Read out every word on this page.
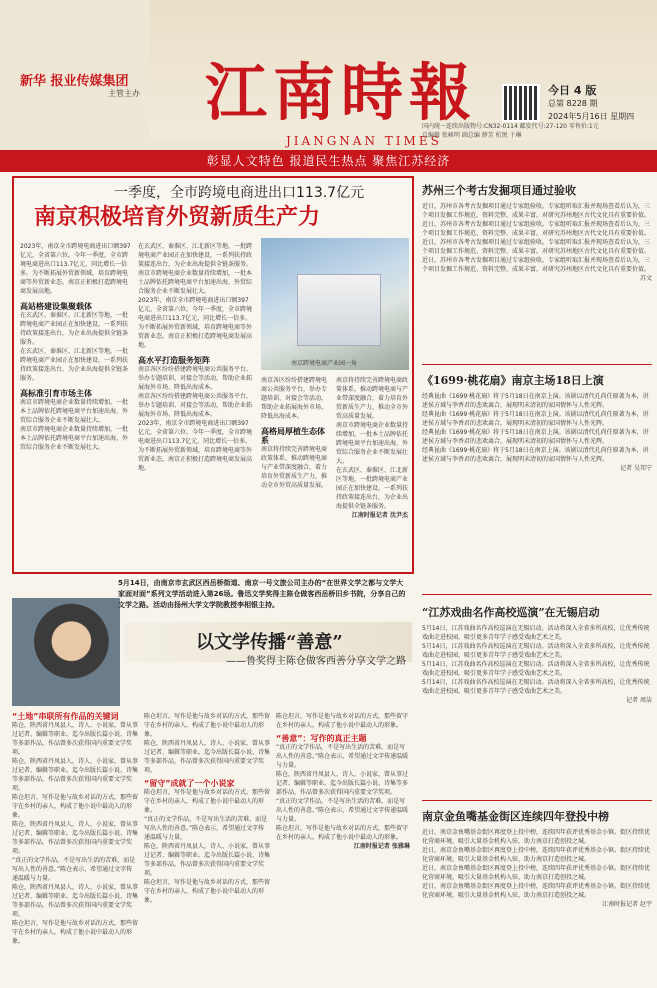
新华 报业传媒集团
主管主办 江南時報
JIANGNAN TIMES
今日 4 版
总第 8228 期
2024年5月16日 星期四
国内统一连续出版物号:CN32-0114 邮发代号:27-120 零售价:1元
总编辑 张峰明 副总编 薛芳 杭悦 于琳
彰显人文特色 报道民生热点 聚焦江苏经济
一季度，全市跨境电商进出口113.7亿元
南京积极培育外贸新质生产力
2023年，南京全市跨境电商进出口额397亿元，全省第六位。今年一季度，全市跨境电商进出口113.7亿元，同比增长一倍多。为不断拓展外贸新领域，培育跨境电商等外贸新业态，南京正积极打造跨境电商发展高地。
高站格建设集聚载体
在玄武区、秦淮区、江北新区等地，一批跨境电商产业园正在加快建设，一系列扶持政策接连出台，为企业出海提供全链条服务。
在玄武区、秦淮区、江北新区等地，一批跨境电商产业园正在加快建设，一系列扶持政策接连出台，为企业出海提供全链条服务。
高标准引育市场主体
南京市跨境电商企业数量持续增加，一批本土品牌依托跨境电商平台加速出海，外贸综合服务企业不断发展壮大。
南京市跨境电商企业数量持续增加，一批本土品牌依托跨境电商平台加速出海，外贸综合服务企业不断发展壮大。
在玄武区、秦淮区、江北新区等地，一批跨境电商产业园正在加快建设，一系列扶持政策接连出台，为企业出海提供全链条服务。
南京市跨境电商企业数量持续增加，一批本土品牌依托跨境电商平台加速出海，外贸综合服务企业不断发展壮大。
2023年，南京全市跨境电商进出口额397亿元，全省第六位。今年一季度，全市跨境电商进出口113.7亿元，同比增长一倍多。为不断拓展外贸新领域，培育跨境电商等外贸新业态，南京正积极打造跨境电商发展高地。
高水平打造服务矩阵
南京各区纷纷搭建跨境电商公共服务平台，举办专题培训、对接会等活动，帮助企业拓展海外市场、降低出海成本。
南京各区纷纷搭建跨境电商公共服务平台，举办专题培训、对接会等活动，帮助企业拓展海外市场、降低出海成本。
2023年，南京全市跨境电商进出口额397亿元，全省第六位。今年一季度，全市跨境电商进出口113.7亿元，同比增长一倍多。为不断拓展外贸新领域，培育跨境电商等外贸新业态，南京正积极打造跨境电商发展高地。
南京跨境电商产业园一角
南京各区纷纷搭建跨境电商公共服务平台，举办专题培训、对接会等活动，帮助企业拓展海外市场、降低出海成本。
高格局厚植生态体系
南京将持续完善跨境电商政策体系，推动跨境电商与产业带深度融合，着力培育外贸新质生产力，推动全市外贸高质量发展。
南京将持续完善跨境电商政策体系，推动跨境电商与产业带深度融合，着力培育外贸新质生产力，推动全市外贸高质量发展。
南京市跨境电商企业数量持续增加，一批本土品牌依托跨境电商平台加速出海，外贸综合服务企业不断发展壮大。
在玄武区、秦淮区、江北新区等地，一批跨境电商产业园正在加快建设，一系列扶持政策接连出台，为企业出海提供全链条服务。
江南时报记者 沈尹杰
苏州三个考古发掘项目通过验收
近日，苏州市各考古发掘项目通过专家组验收。专家组听取汇报并现场查看后认为，三个项目发掘工作规范、资料完整、成果丰富，对研究苏州地区古代文化具有重要价值。
近日，苏州市各考古发掘项目通过专家组验收。专家组听取汇报并现场查看后认为，三个项目发掘工作规范、资料完整、成果丰富，对研究苏州地区古代文化具有重要价值。
近日，苏州市各考古发掘项目通过专家组验收。专家组听取汇报并现场查看后认为，三个项目发掘工作规范、资料完整、成果丰富，对研究苏州地区古代文化具有重要价值。
近日，苏州市各考古发掘项目通过专家组验收。专家组听取汇报并现场查看后认为，三个项目发掘工作规范、资料完整、成果丰富，对研究苏州地区古代文化具有重要价值。
苏文
《1699·桃花扇》南京主场18日上演
经典昆曲《1699·桃花扇》将于5月18日在南京上演。该剧以清代孔尚任原著为本，讲述侯方域与李香君的悲欢离合，展现明末清初的家国情怀与人性光辉。
经典昆曲《1699·桃花扇》将于5月18日在南京上演。该剧以清代孔尚任原著为本，讲述侯方域与李香君的悲欢离合，展现明末清初的家国情怀与人性光辉。
经典昆曲《1699·桃花扇》将于5月18日在南京上演。该剧以清代孔尚任原著为本，讲述侯方域与李香君的悲欢离合，展现明末清初的家国情怀与人性光辉。
经典昆曲《1699·桃花扇》将于5月18日在南京上演。该剧以清代孔尚任原著为本，讲述侯方域与李香君的悲欢离合，展现明末清初的家国情怀与人性光辉。
记者 吴邦宁
“江苏戏曲名作高校巡演”在无锡启动
5月14日，江苏戏曲名作高校巡演在无锡启动。活动将深入全省多所高校，让优秀传统戏曲走进校园，吸引更多青年学子感受戏曲艺术之美。
5月14日，江苏戏曲名作高校巡演在无锡启动。活动将深入全省多所高校，让优秀传统戏曲走进校园，吸引更多青年学子感受戏曲艺术之美。
5月14日，江苏戏曲名作高校巡演在无锡启动。活动将深入全省多所高校，让优秀传统戏曲走进校园，吸引更多青年学子感受戏曲艺术之美。
5月14日，江苏戏曲名作高校巡演在无锡启动。活动将深入全省多所高校，让优秀传统戏曲走进校园，吸引更多青年学子感受戏曲艺术之美。
记者 周洁
南京金鱼嘴基金街区连续四年登投中榜
近日，南京金鱼嘴基金街区再度登上投中榜，连续四年获评优秀基金小镇。街区持续优化营商环境，吸引大量基金机构入驻，助力南京打造创投之城。
近日，南京金鱼嘴基金街区再度登上投中榜，连续四年获评优秀基金小镇。街区持续优化营商环境，吸引大量基金机构入驻，助力南京打造创投之城。
近日，南京金鱼嘴基金街区再度登上投中榜，连续四年获评优秀基金小镇。街区持续优化营商环境，吸引大量基金机构入驻，助力南京打造创投之城。
近日，南京金鱼嘴基金街区再度登上投中榜，连续四年获评优秀基金小镇。街区持续优化营商环境，吸引大量基金机构入驻，助力南京打造创投之城。
江南时报记者 赵宇
5月14日，由南京市玄武区西岳桥街道、南京一号文旅公司主办的“在世界文学之都与文学大家面对面”系列文学活动进入第26场。鲁迅文学奖得主陈仓做客西岳桥旧乡书院，分享自己的文学之路。活动由扬州大学文学院教授李相银主持。
以文学传播“善意”
——鲁奖得主陈仓做客西善分享文学之路
“土地”串联所有作品的关键词
陈仓，陕西省丹凤县人，诗人、小说家，曾从事过记者、编辑等职业。迄今出版长篇小说、诗集等多部作品，作品曾多次获得国内重要文学奖项。
陈仓，陕西省丹凤县人，诗人、小说家，曾从事过记者、编辑等职业。迄今出版长篇小说、诗集等多部作品，作品曾多次获得国内重要文学奖项。
陈仓坦言，写作是他与故乡对话的方式，那些留守在乡村的亲人，构成了他小说中最动人的形象。
陈仓，陕西省丹凤县人，诗人、小说家，曾从事过记者、编辑等职业。迄今出版长篇小说、诗集等多部作品，作品曾多次获得国内重要文学奖项。
“真正的文学作品，不是写出生活的苦难，而是写出人性的善意。”陈仓表示，希望通过文字传递温暖与力量。
陈仓，陕西省丹凤县人，诗人、小说家，曾从事过记者、编辑等职业。迄今出版长篇小说、诗集等多部作品，作品曾多次获得国内重要文学奖项。
陈仓坦言，写作是他与故乡对话的方式，那些留守在乡村的亲人，构成了他小说中最动人的形象。
陈仓坦言，写作是他与故乡对话的方式，那些留守在乡村的亲人，构成了他小说中最动人的形象。
陈仓，陕西省丹凤县人，诗人、小说家，曾从事过记者、编辑等职业。迄今出版长篇小说、诗集等多部作品，作品曾多次获得国内重要文学奖项。
“留守”成就了一个小说家
陈仓坦言，写作是他与故乡对话的方式，那些留守在乡村的亲人，构成了他小说中最动人的形象。
“真正的文学作品，不是写出生活的苦难，而是写出人性的善意。”陈仓表示，希望通过文字传递温暖与力量。
陈仓，陕西省丹凤县人，诗人、小说家，曾从事过记者、编辑等职业。迄今出版长篇小说、诗集等多部作品，作品曾多次获得国内重要文学奖项。
陈仓坦言，写作是他与故乡对话的方式，那些留守在乡村的亲人，构成了他小说中最动人的形象。
陈仓坦言，写作是他与故乡对话的方式，那些留守在乡村的亲人，构成了他小说中最动人的形象。
“善意”：写作的真正主题
“真正的文学作品，不是写出生活的苦难，而是写出人性的善意。”陈仓表示，希望通过文字传递温暖与力量。
陈仓，陕西省丹凤县人，诗人、小说家，曾从事过记者、编辑等职业。迄今出版长篇小说、诗集等多部作品，作品曾多次获得国内重要文学奖项。
“真正的文学作品，不是写出生活的苦难，而是写出人性的善意。”陈仓表示，希望通过文字传递温暖与力量。
陈仓坦言，写作是他与故乡对话的方式，那些留守在乡村的亲人，构成了他小说中最动人的形象。
江南时报记者 张雅琳
